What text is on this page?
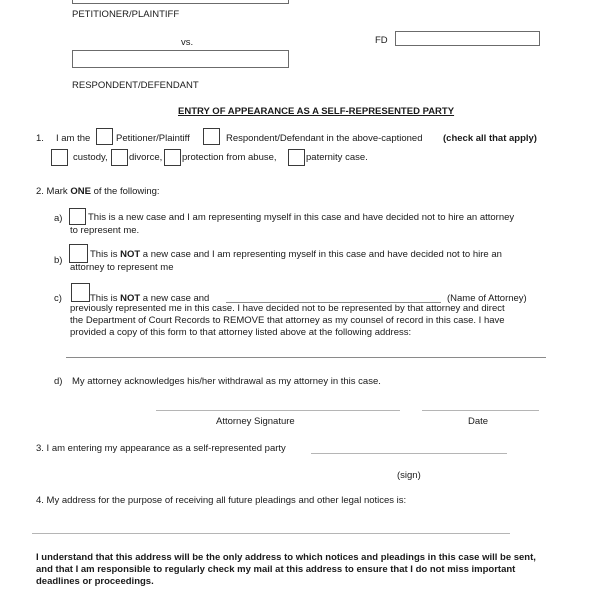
PETITIONER/PLAINTIFF
vs.	FD
RESPONDENT/DEFENDANT
ENTRY OF APPEARANCE AS A SELF-REPRESENTED PARTY
1. I am the	Petitioner/Plaintiff	Respondent/Defendant in the above-captioned (check all that apply)
custody, divorce, protection from abuse,	paternity case.
2. Mark ONE of the following:
a)	This is a new case and I am representing myself in this case and have decided not to hire an attorney
to represent me.
b)
This is NOT a new case and I am representing myself in this case and have decided not to hire an
attorney to represent me
c)	This is NOT a new case and	(Name of Attorney)
previously represented me in this case. I have decided not to be represented by that attorney and direct
the Department of Court Records to REMOVE that attorney as my counsel of record in this case. I have
provided a copy of this form to that attorney listed above at the following address:
d) My attorney acknowledges his/her withdrawal as my attorney in this case.
Attorney Signature	Date
3. I am entering my appearance as a self-represented party
(sign)
4. My address for the purpose of receiving all future pleadings and other legal notices is:
I understand that this address will be the only address to which notices and pleadings in this case will be sent,
and that I am responsible to regularly check my mail at this address to ensure that I do not miss important
deadlines or proceedings.
